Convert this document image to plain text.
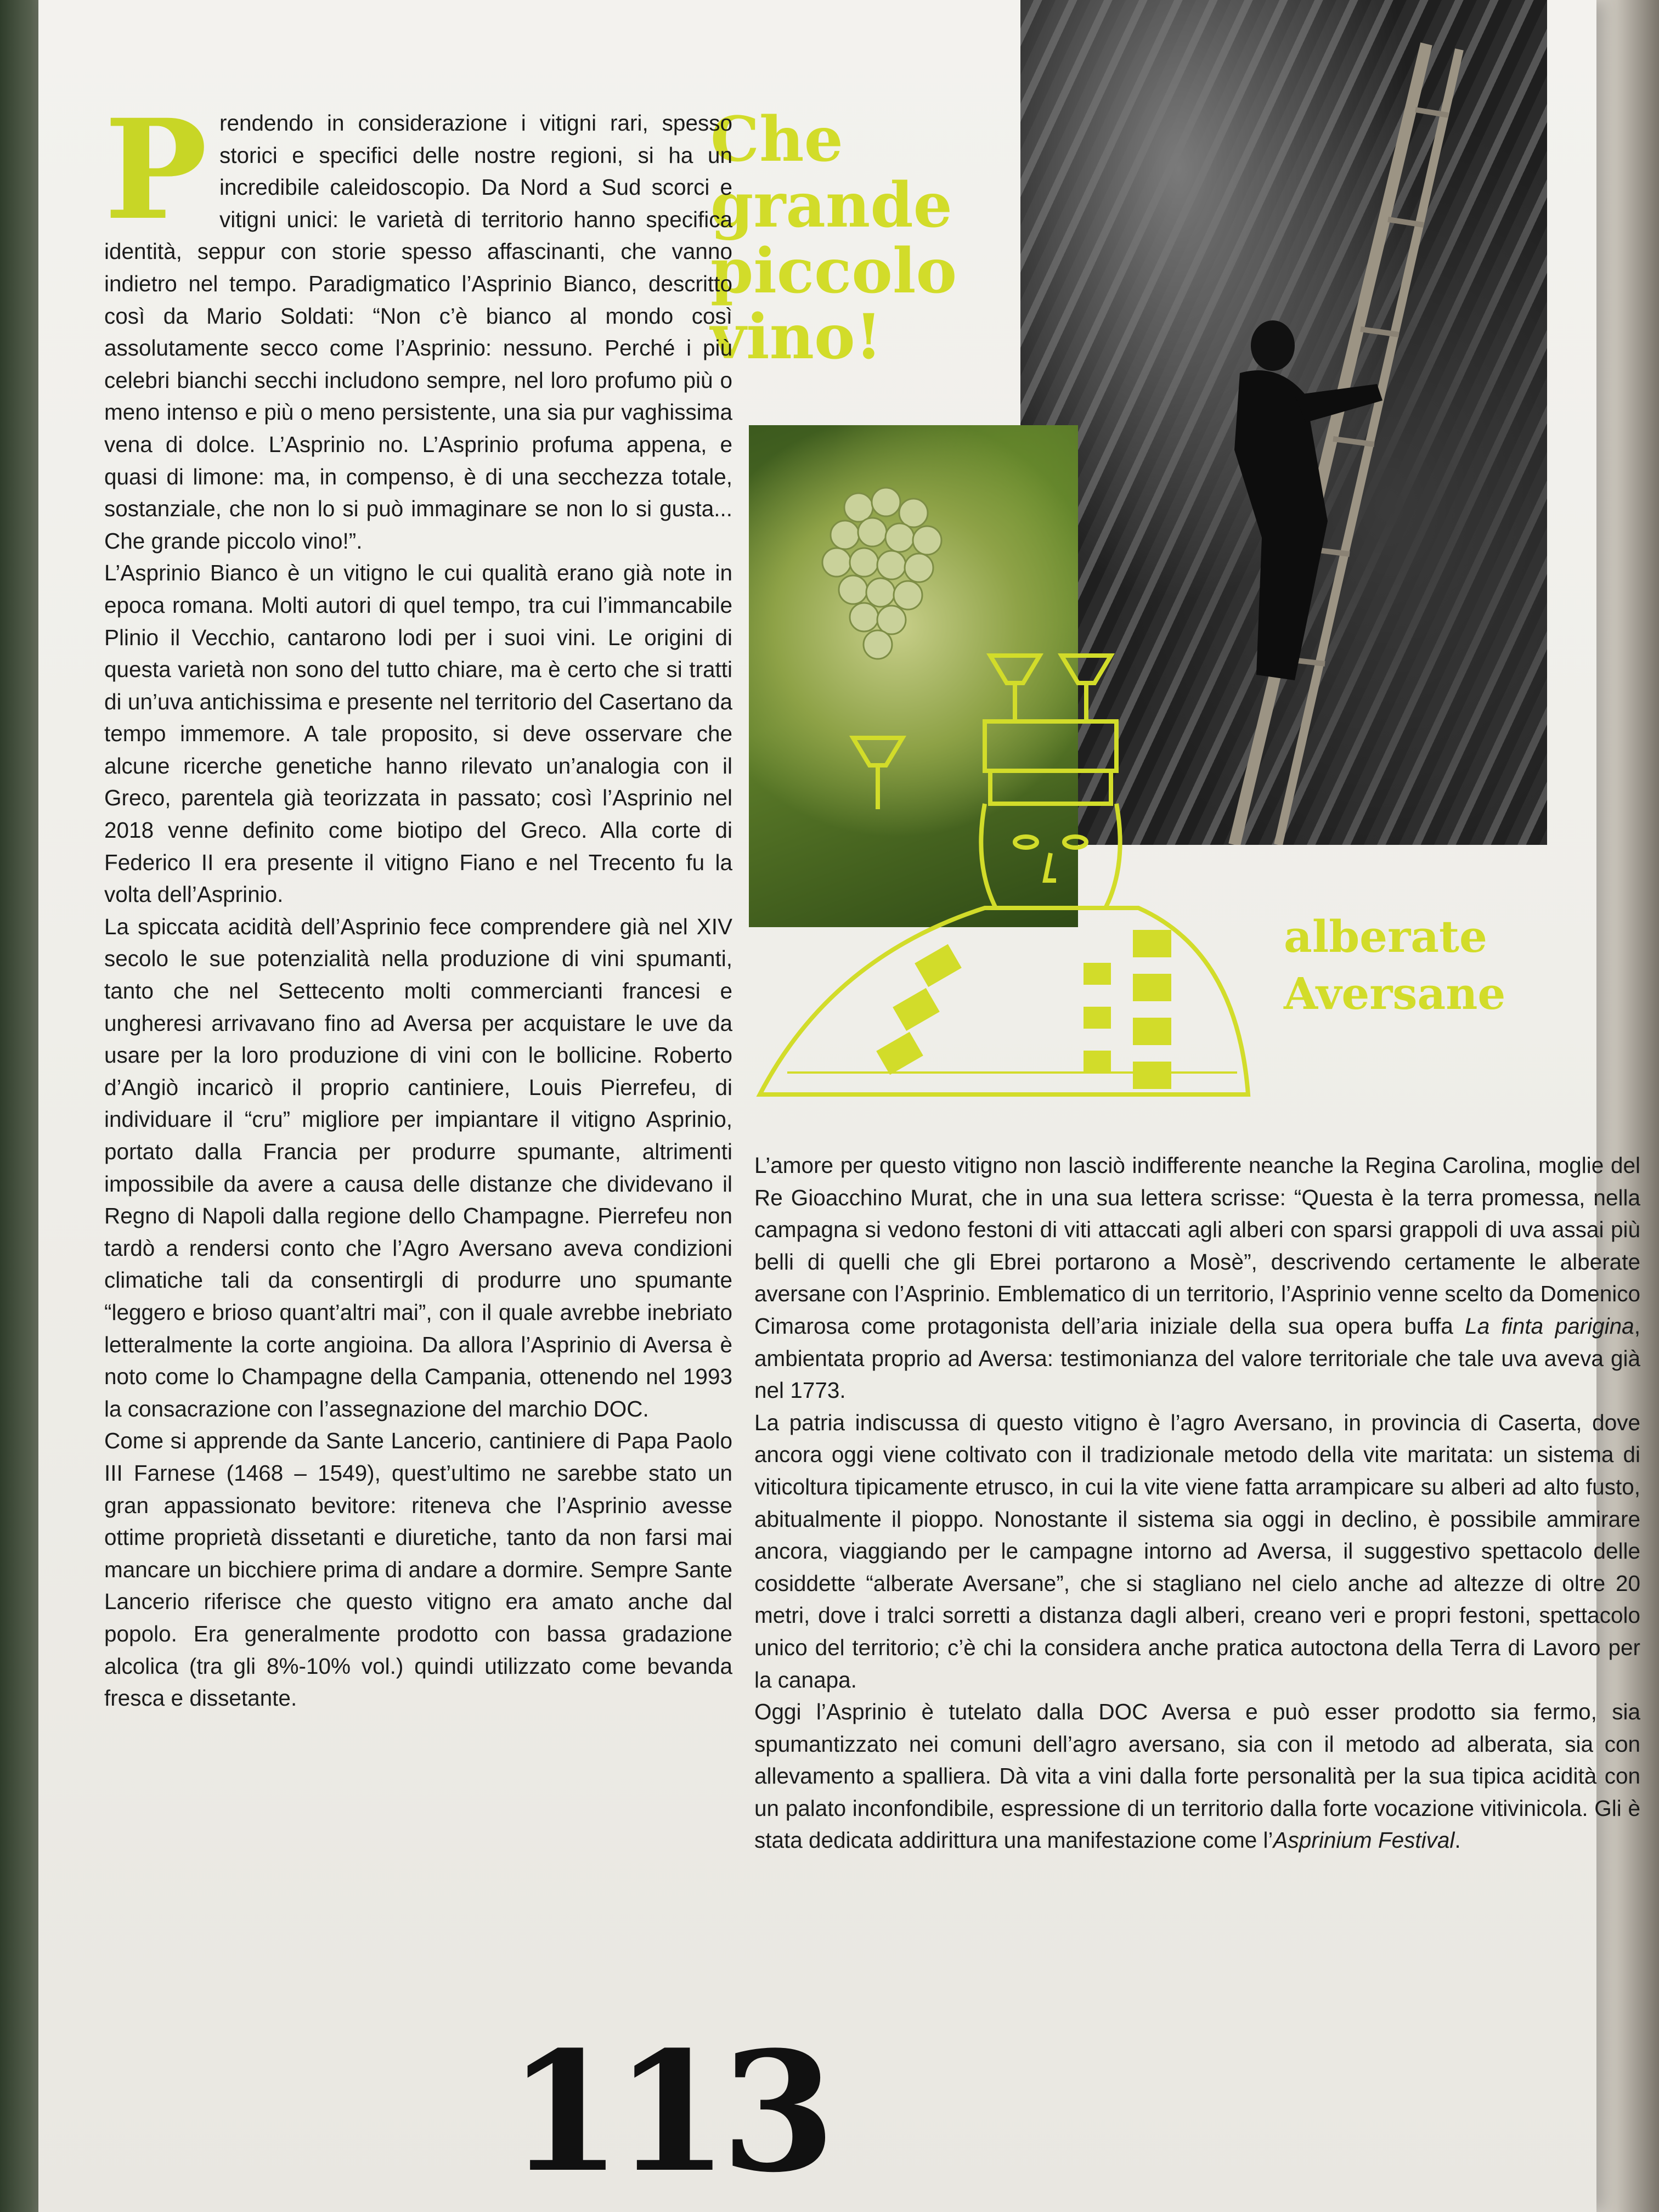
Che grande piccolo vino!
alberate Aversane

Prendendo in considerazione i vitigni rari, spesso storici e specifici delle nostre regioni, si ha un incredibile caleidoscopio. Da Nord a Sud scorci e vitigni unici: le varietà di territorio hanno specifica identità, seppur con storie spesso affascinanti, che vanno indietro nel tempo. Paradigmatico l’Asprinio Bianco, descritto così da Mario Soldati: “Non c’è bianco al mondo così assolutamente secco come l’Asprinio: nessuno. Perché i più celebri bianchi secchi includono sempre, nel loro profumo più o meno intenso e più o meno persistente, una sia pur vaghissima vena di dolce. L’Asprinio no. L’Asprinio profuma appena, e quasi di limone: ma, in compenso, è di una secchezza totale, sostanziale, che non lo si può immaginare se non lo si gusta... Che grande piccolo vino!”.

L’Asprinio Bianco è un vitigno le cui qualità erano già note in epoca romana. Molti autori di quel tempo, tra cui l’immancabile Plinio il Vecchio, cantarono lodi per i suoi vini. Le origini di questa varietà non sono del tutto chiare, ma è certo che si tratti di un’uva antichissima e presente nel territorio del Casertano da tempo immemore. A tale proposito, si deve osservare che alcune ricerche genetiche hanno rilevato un’analogia con il Greco, parentela già teorizzata in passato; così l’Asprinio nel 2018 venne definito come biotipo del Greco. Alla corte di Federico II era presente il vitigno Fiano e nel Trecento fu la volta dell’Asprinio.

La spiccata acidità dell’Asprinio fece comprendere già nel XIV secolo le sue potenzialità nella produzione di vini spumanti, tanto che nel Settecento molti commercianti francesi e ungheresi arrivavano fino ad Aversa per acquistare le uve da usare per la loro produzione di vini con le bollicine. Roberto d’Angiò incaricò il proprio cantiniere, Louis Pierrefeu, di individuare il “cru” migliore per impiantare il vitigno Asprinio, portato dalla Francia per produrre spumante, altrimenti impossibile da avere a causa delle distanze che dividevano il Regno di Napoli dalla regione dello Champagne. Pierrefeu non tardò a rendersi conto che l’Agro Aversano aveva condizioni climatiche tali da consentirgli di produrre uno spumante “leggero e brioso quant’altri mai”, con il quale avrebbe inebriato letteralmente la corte angioina. Da allora l’Asprinio di Aversa è noto come lo Champagne della Campania, ottenendo nel 1993 la consacrazione con l’assegnazione del marchio DOC.

Come si apprende da Sante Lancerio, cantiniere di Papa Paolo III Farnese (1468 – 1549), quest’ultimo ne sarebbe stato un gran appassionato bevitore: riteneva che l’Asprinio avesse ottime proprietà dissetanti e diuretiche, tanto da non farsi mai mancare un bicchiere prima di andare a dormire. Sempre Sante Lancerio riferisce che questo vitigno era amato anche dal popolo. Era generalmente prodotto con bassa gradazione alcolica (tra gli 8%-10% vol.) quindi utilizzato come bevanda fresca e dissetante.

L’amore per questo vitigno non lasciò indifferente neanche la Regina Carolina, moglie del Re Gioacchino Murat, che in una sua lettera scrisse: “Questa è la terra promessa, nella campagna si vedono festoni di viti attaccati agli alberi con sparsi grappoli di uva assai più belli di quelli che gli Ebrei portarono a Mosè”, descrivendo certamente le alberate aversane con l’Asprinio. Emblematico di un territorio, l’Asprinio venne scelto da Domenico Cimarosa come protagonista dell’aria iniziale della sua opera buffa La finta parigina, ambientata proprio ad Aversa: testimonianza del valore territoriale che tale uva aveva già nel 1773.

La patria indiscussa di questo vitigno è l’agro Aversano, in provincia di Caserta, dove ancora oggi viene coltivato con il tradizionale metodo della vite maritata: un sistema di viticoltura tipicamente etrusco, in cui la vite viene fatta arrampicare su alberi ad alto fusto, abitualmente il pioppo. Nonostante il sistema sia oggi in declino, è possibile ammirare ancora, viaggiando per le campagne intorno ad Aversa, il suggestivo spettacolo delle cosiddette “alberate Aversane”, che si stagliano nel cielo anche ad altezze di oltre 20 metri, dove i tralci sorretti a distanza dagli alberi, creano veri e propri festoni, spettacolo unico del territorio; c’è chi la considera anche pratica autoctona della Terra di Lavoro per la canapa.

Oggi l’Asprinio è tutelato dalla DOC Aversa e può esser prodotto sia fermo, sia spumantizzato nei comuni dell’agro aversano, sia con il metodo ad alberata, sia con allevamento a spalliera. Dà vita a vini dalla forte personalità per la sua tipica acidità con un palato inconfondibile, espressione di un territorio dalla forte vocazione vitivinicola. Gli è stata dedicata addirittura una manifestazione come l’Asprinium Festival.

113
